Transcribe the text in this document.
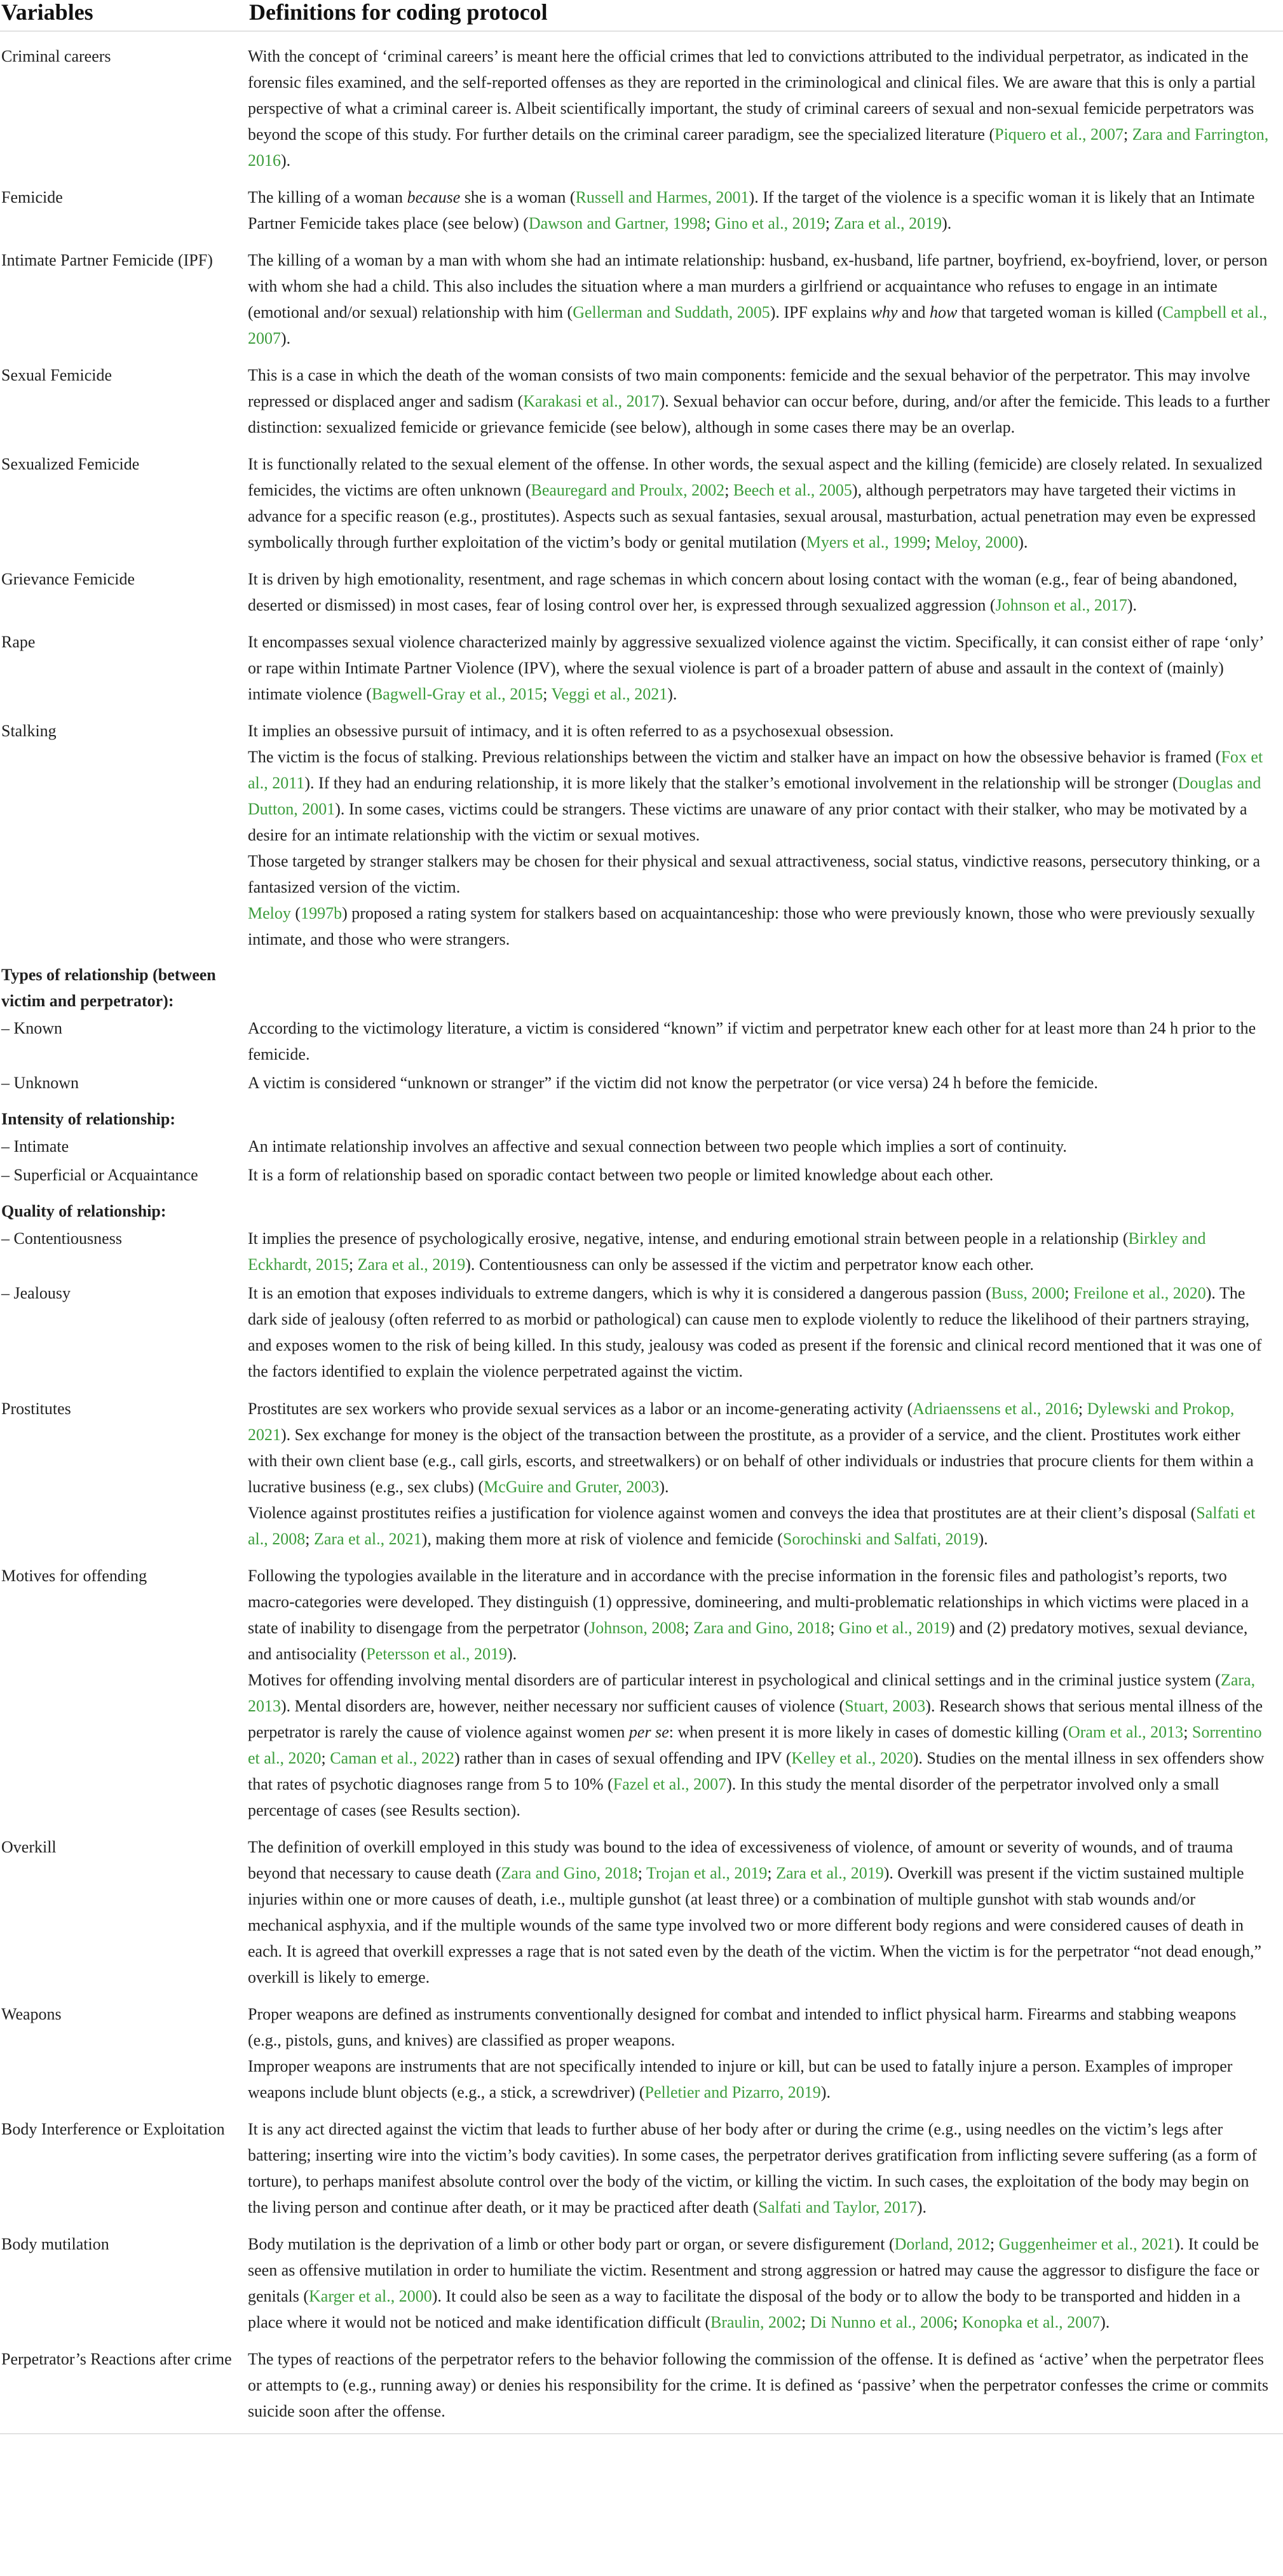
Variables	Definitions for coding protocol
Criminal careers	With the concept of ‘criminal careers’ is meant here the official crimes that led to convictions attributed to the individual perpetrator, as indicated in the forensic files examined, and the self-reported offenses as they are reported in the criminological and clinical files. We are aware that this is only a partial perspective of what a criminal career is. Albeit scientifically important, the study of criminal careers of sexual and non-sexual femicide perpetrators was beyond the scope of this study. For further details on the criminal career paradigm, see the specialized literature (Piquero et al., 2007; Zara and Farrington, 2016).

Femicide	The killing of a woman because she is a woman (Russell and Harmes, 2001). If the target of the violence is a specific woman it is likely that an Intimate Partner Femicide takes place (see below) (Dawson and Gartner, 1998; Gino et al., 2019; Zara et al., 2019).

Intimate Partner Femicide (IPF)	The killing of a woman by a man with whom she had an intimate relationship: husband, ex-husband, life partner, boyfriend, ex-boyfriend, lover, or person with whom she had a child. This also includes the situation where a man murders a girlfriend or acquaintance who refuses to engage in an intimate (emotional and/or sexual) relationship with him (Gellerman and Suddath, 2005). IPF explains why and how that targeted woman is killed (Campbell et al., 2007).

Sexual Femicide	This is a case in which the death of the woman consists of two main components: femicide and the sexual behavior of the perpetrator. This may involve repressed or displaced anger and sadism (Karakasi et al., 2017). Sexual behavior can occur before, during, and/or after the femicide. This leads to a further distinction: sexualized femicide or grievance femicide (see below), although in some cases there may be an overlap.

Sexualized Femicide	It is functionally related to the sexual element of the offense. In other words, the sexual aspect and the killing (femicide) are closely related. In sexualized femicides, the victims are often unknown (Beauregard and Proulx, 2002; Beech et al., 2005), although perpetrators may have targeted their victims in advance for a specific reason (e.g., prostitutes). Aspects such as sexual fantasies, sexual arousal, masturbation, actual penetration may even be expressed symbolically through further exploitation of the victim’s body or genital mutilation (Myers et al., 1999; Meloy, 2000).

Grievance Femicide	It is driven by high emotionality, resentment, and rage schemas in which concern about losing contact with the woman (e.g., fear of being abandoned, deserted or dismissed) in most cases, fear of losing control over her, is expressed through sexualized aggression (Johnson et al., 2017).

Rape	It encompasses sexual violence characterized mainly by aggressive sexualized violence against the victim. Specifically, it can consist either of rape ‘only’ or rape within Intimate Partner Violence (IPV), where the sexual violence is part of a broader pattern of abuse and assault in the context of (mainly) intimate violence (Bagwell-Gray et al., 2015; Veggi et al., 2021).

Stalking	It implies an obsessive pursuit of intimacy, and it is often referred to as a psychosexual obsession.
The victim is the focus of stalking. Previous relationships between the victim and stalker have an impact on how the obsessive behavior is framed (Fox et al., 2011). If they had an enduring relationship, it is more likely that the stalker’s emotional involvement in the relationship will be stronger (Douglas and Dutton, 2001). In some cases, victims could be strangers. These victims are unaware of any prior contact with their stalker, who may be motivated by a desire for an intimate relationship with the victim or sexual motives.
Those targeted by stranger stalkers may be chosen for their physical and sexual attractiveness, social status, vindictive reasons, persecutory thinking, or a fantasized version of the victim.
Meloy (1997b) proposed a rating system for stalkers based on acquaintanceship: those who were previously known, those who were previously sexually intimate, and those who were strangers.

Types of relationship (between victim and perpetrator):	
– Known	According to the victimology literature, a victim is considered “known” if victim and perpetrator knew each other for at least more than 24 h prior to the femicide.

– Unknown	A victim is considered “unknown or stranger” if the victim did not know the perpetrator (or vice versa) 24 h before the femicide.

Intensity of relationship:	
– Intimate	An intimate relationship involves an affective and sexual connection between two people which implies a sort of continuity.

– Superficial or Acquaintance	It is a form of relationship based on sporadic contact between two people or limited knowledge about each other.

Quality of relationship:	
– Contentiousness	It implies the presence of psychologically erosive, negative, intense, and enduring emotional strain between people in a relationship (Birkley and Eckhardt, 2015; Zara et al., 2019). Contentiousness can only be assessed if the victim and perpetrator know each other.

– Jealousy	It is an emotion that exposes individuals to extreme dangers, which is why it is considered a dangerous passion (Buss, 2000; Freilone et al., 2020). The dark side of jealousy (often referred to as morbid or pathological) can cause men to explode violently to reduce the likelihood of their partners straying, and exposes women to the risk of being killed. In this study, jealousy was coded as present if the forensic and clinical record mentioned that it was one of the factors identified to explain the violence perpetrated against the victim.

Prostitutes	Prostitutes are sex workers who provide sexual services as a labor or an income-generating activity (Adriaenssens et al., 2016; Dylewski and Prokop, 2021). Sex exchange for money is the object of the transaction between the prostitute, as a provider of a service, and the client. Prostitutes work either with their own client base (e.g., call girls, escorts, and streetwalkers) or on behalf of other individuals or industries that procure clients for them within a lucrative business (e.g., sex clubs) (McGuire and Gruter, 2003).
Violence against prostitutes reifies a justification for violence against women and conveys the idea that prostitutes are at their client’s disposal (Salfati et al., 2008; Zara et al., 2021), making them more at risk of violence and femicide (Sorochinski and Salfati, 2019).

Motives for offending	Following the typologies available in the literature and in accordance with the precise information in the forensic files and pathologist’s reports, two macro-categories were developed. They distinguish (1) oppressive, domineering, and multi-problematic relationships in which victims were placed in a state of inability to disengage from the perpetrator (Johnson, 2008; Zara and Gino, 2018; Gino et al., 2019) and (2) predatory motives, sexual deviance, and antisociality (Petersson et al., 2019).
Motives for offending involving mental disorders are of particular interest in psychological and clinical settings and in the criminal justice system (Zara, 2013). Mental disorders are, however, neither necessary nor sufficient causes of violence (Stuart, 2003). Research shows that serious mental illness of the perpetrator is rarely the cause of violence against women per se: when present it is more likely in cases of domestic killing (Oram et al., 2013; Sorrentino et al., 2020; Caman et al., 2022) rather than in cases of sexual offending and IPV (Kelley et al., 2020). Studies on the mental illness in sex offenders show that rates of psychotic diagnoses range from 5 to 10% (Fazel et al., 2007). In this study the mental disorder of the perpetrator involved only a small percentage of cases (see Results section).

Overkill	The definition of overkill employed in this study was bound to the idea of excessiveness of violence, of amount or severity of wounds, and of trauma beyond that necessary to cause death (Zara and Gino, 2018; Trojan et al., 2019; Zara et al., 2019). Overkill was present if the victim sustained multiple injuries within one or more causes of death, i.e., multiple gunshot (at least three) or a combination of multiple gunshot with stab wounds and/or mechanical asphyxia, and if the multiple wounds of the same type involved two or more different body regions and were considered causes of death in each. It is agreed that overkill expresses a rage that is not sated even by the death of the victim. When the victim is for the perpetrator “not dead enough,” overkill is likely to emerge.

Weapons	Proper weapons are defined as instruments conventionally designed for combat and intended to inflict physical harm. Firearms and stabbing weapons (e.g., pistols, guns, and knives) are classified as proper weapons.
Improper weapons are instruments that are not specifically intended to injure or kill, but can be used to fatally injure a person. Examples of improper weapons include blunt objects (e.g., a stick, a screwdriver) (Pelletier and Pizarro, 2019).

Body Interference or Exploitation	It is any act directed against the victim that leads to further abuse of her body after or during the crime (e.g., using needles on the victim’s legs after battering; inserting wire into the victim’s body cavities). In some cases, the perpetrator derives gratification from inflicting severe suffering (as a form of torture), to perhaps manifest absolute control over the body of the victim, or killing the victim. In such cases, the exploitation of the body may begin on the living person and continue after death, or it may be practiced after death (Salfati and Taylor, 2017).

Body mutilation	Body mutilation is the deprivation of a limb or other body part or organ, or severe disfigurement (Dorland, 2012; Guggenheimer et al., 2021). It could be seen as offensive mutilation in order to humiliate the victim. Resentment and strong aggression or hatred may cause the aggressor to disfigure the face or genitals (Karger et al., 2000). It could also be seen as a way to facilitate the disposal of the body or to allow the body to be transported and hidden in a place where it would not be noticed and make identification difficult (Braulin, 2002; Di Nunno et al., 2006; Konopka et al., 2007).

Perpetrator’s Reactions after crime	The types of reactions of the perpetrator refers to the behavior following the commission of the offense. It is defined as ‘active’ when the perpetrator flees or attempts to (e.g., running away) or denies his responsibility for the crime. It is defined as ‘passive’ when the perpetrator confesses the crime or commits suicide soon after the offense.
